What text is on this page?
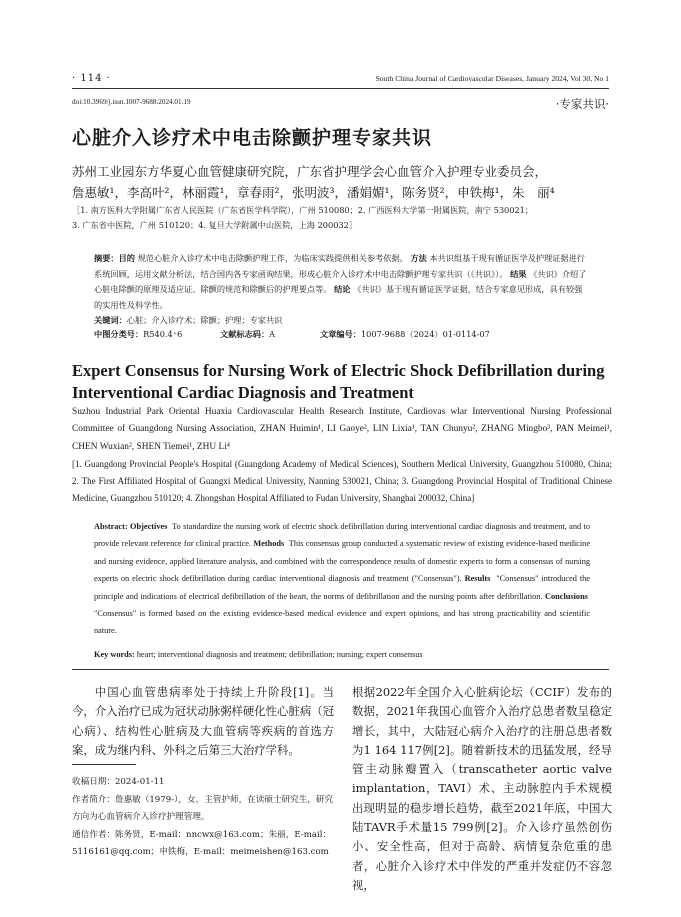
· 114 ·	South China Journal of Cardiovascular Diseases, January 2024, Vol 30, No 1
doi:10.3969/j.issn.1007-9688.2024.01.19	·专家共识·
心脏介入诊疗术中电击除颤护理专家共识
苏州工业园东方华夏心血管健康研究院，广东省护理学会心血管介入护理专业委员会，
詹惠敏¹，李高叶²，林丽霞¹，章春雨²，张明波³，潘娟媚¹，陈务贤²，申铁梅¹，朱　丽⁴
［1. 南方医科大学附属广东省人民医院（广东省医学科学院），广州 510080；2. 广西医科大学第一附属医院，南宁 530021；
3. 广东省中医院，广州 510120；4. 复旦大学附属中山医院，上海 200032］
摘要：目的 规范心脏介入诊疗术中电击除颤护理工作，为临床实践提供相关参考依据。 方法 本共识组基于现有循证医学及护理证据进行系统回顾，运用文献分析法，结合国内各专家函询结果，形成心脏介入诊疗术中电击除颤护理专家共识（《共识》）。 结果 《共识》介绍了心脏电除颤的原理及适应证、除颤的规范和除颤后的护理要点等。 结论 《共识》基于现有循证医学证据，结合专家意见形成，具有较强的实用性及科学性。
关键词：心脏；介入诊疗术；除颤；护理；专家共识
中图分类号：R540.4⁺6	文献标志码：A	文章编号：1007-9688（2024）01-0114-07
Expert Consensus for Nursing Work of Electric Shock Defibrillation during Interventional Cardiac Diagnosis and Treatment
Suzhou Industrial Park Oriental Huaxia Cardiovascular Health Research Institute, Cardiovas wlar Interventional Nursing Professional Committee of Guangdong Nursing Association, ZHAN Huimin¹, LI Gaoye², LIN Lixia¹, TAN Chunyu², ZHANG Mingbo³, PAN Meimei¹, CHEN Wuxian², SHEN Tiemei¹, ZHU Li⁴
[1. Guangdong Provincial People's Hospital (Guangdong Academy of Medical Sciences), Southern Medical University, Guangzhou 510080, China; 2. The First Affiliated Hospital of Guangxi Medical University, Nanning 530021, China; 3. Guangdong Provincial Hospital of Traditional Chinese Medicine, Guangzhou 510120; 4. Zhongshan Hospital Affiliated to Fudan University, Shanghai 200032, China]
Abstract: Objectives To standardize the nursing work of electric shock defibrillation during interventional cardiac diagnosis and treatment, and to provide relevant reference for clinical practice. Methods This consensus group conducted a systematic review of existing evidence-based medicine and nursing evidence, applied literature analysis, and combined with the correspondence results of domestic experts to form a consensus of nursing experts on electric shock defibrillation during cardiac interventional diagnosis and treatment ("Consensus"). Results "Consensus" introduced the principle and indications of electrical defibrillation of the heart, the norms of defibrillation and the nursing points after defibrillation. Conclusions  "Consensus" is formed based on the existing evidence-based medical evidence and expert opinions, and has strong practicability and scientific nature.
Key words: heart; interventional diagnosis and treatment; defibrillation; nursing; expert consensus
中国心血管患病率处于持续上升阶段[1]。当今，介入治疗已成为冠状动脉粥样硬化性心脏病（冠心病）、结构性心脏病及大血管病等疾病的首选方案，成为继内科、外科之后第三大治疗学科。
收稿日期：2024-01-11
作者简介：詹惠敏（1979-），女，主管护师，在读硕士研究生，研究方向为心血管病介入诊疗护理管理。
通信作者：陈务贤，E-mail：nncwx@163.com；朱丽，E-mail：5116161@qq.com；申铁梅，E-mail：meimeishen@163.com
根据2022年全国介入心脏病论坛（CCIF）发布的数据，2021年我国心血管介入治疗总患者数呈稳定增长，其中，大陆冠心病介入治疗的注册总患者数为1 164 117例[2]。随着新技术的迅猛发展，经导管主动脉瓣置入（transcatheter aortic valve implantation，TAVI）术、主动脉腔内手术规模出现明显的稳步增长趋势，截至2021年底，中国大陆TAVR手术量15 799例[2]。介入诊疗虽然创伤小、安全性高，但对于高龄、病情复杂危重的患者，心脏介入诊疗术中伴发的严重并发症仍不容忽视，
